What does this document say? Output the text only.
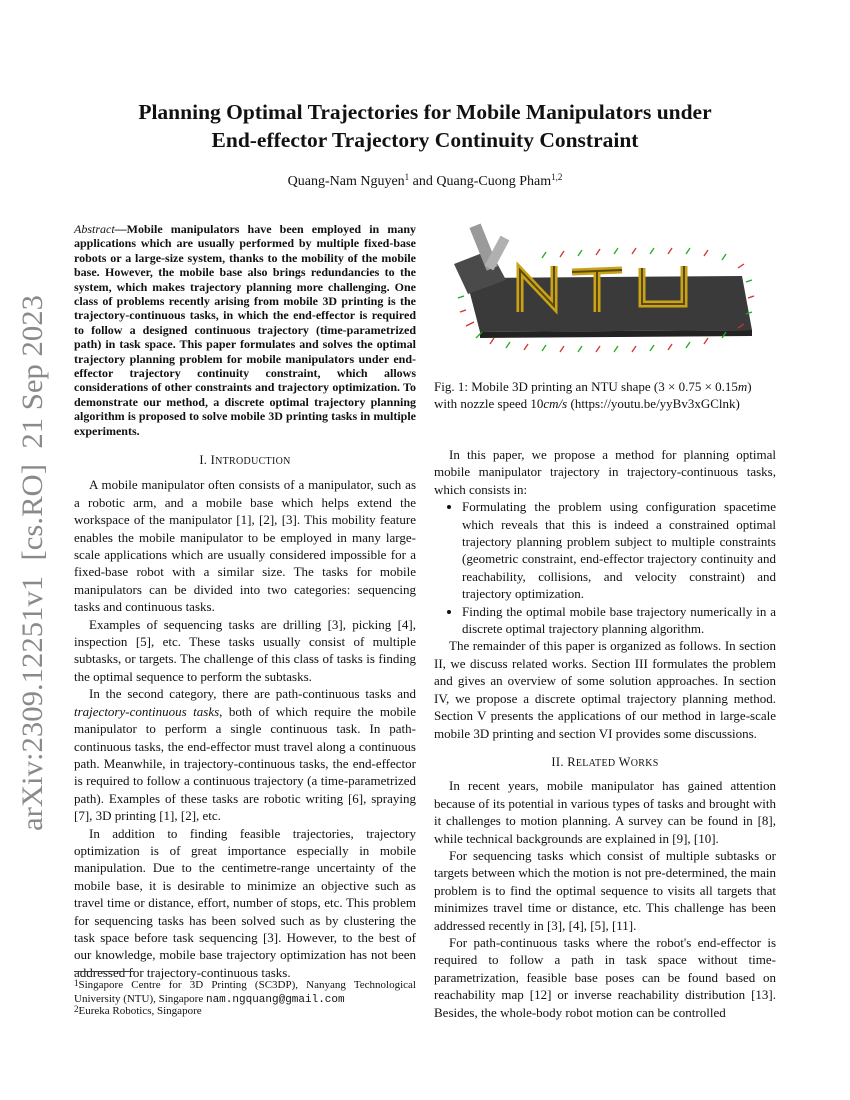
Planning Optimal Trajectories for Mobile Manipulators under
End-effector Trajectory Continuity Constraint
Quang-Nam Nguyen$^1$ and Quang-Cuong Pham$^{1,2}$
arXiv:2309.12251v1  [cs.RO]  21 Sep 2023
Abstract—Mobile manipulators have been employed in many applications which are usually performed by multiple fixed-base robots or a large-size system, thanks to the mobility of the mobile base. However, the mobile base also brings redundancies to the system, which makes trajectory planning more challenging. One class of problems recently arising from mobile 3D printing is the trajectory-continuous tasks, in which the end-effector is required to follow a designed continuous trajectory (time-parametrized path) in task space. This paper formulates and solves the optimal trajectory planning problem for mobile manipulators under end-effector trajectory continuity constraint, which allows considerations of other constraints and trajectory optimization. To demonstrate our method, a discrete optimal trajectory planning algorithm is proposed to solve mobile 3D printing tasks in multiple experiments.
I. INTRODUCTION

A mobile manipulator often consists of a manipulator, such as a robotic arm, and a mobile base which helps extend the workspace of the manipulator [1], [2], [3]. This mobility feature enables the mobile manipulator to be employed in many large-scale applications which are usually considered impossible for a fixed-base robot with a similar size. The tasks for mobile manipulators can be divided into two categories: sequencing tasks and continuous tasks.

Examples of sequencing tasks are drilling [3], picking [4], inspection [5], etc. These tasks usually consist of multiple subtasks, or targets. The challenge of this class of tasks is finding the optimal sequence to perform the subtasks.

In the second category, there are path-continuous tasks and trajectory-continuous tasks, both of which require the mobile manipulator to perform a single continuous task. In path-continuous tasks, the end-effector must travel along a continuous path. Meanwhile, in trajectory-continuous tasks, the end-effector is required to follow a continuous trajectory (a time-parametrized path). Examples of these tasks are robotic writing [6], spraying [7], 3D printing [1], [2], etc.

In addition to finding feasible trajectories, trajectory optimization is of great importance especially in mobile manipulation. Due to the centimetre-range uncertainty of the mobile base, it is desirable to minimize an objective such as travel time or distance, effort, number of stops, etc. This problem for sequencing tasks has been solved such as by clustering the task space before task sequencing [3]. However, to the best of our knowledge, mobile base trajectory optimization has not been addressed for trajectory-continuous tasks.

$^1$Singapore Centre for 3D Printing (SC3DP), Nanyang Technological University (NTU), Singapore nam.ngquang@gmail.com
$^2$Eureka Robotics, Singapore
NTU
Fig. 1: Mobile 3D printing an NTU shape (3 × 0.75 × 0.15m) with nozzle speed 10cm/s (https://youtu.be/yyBv3xGClnk)

In this paper, we propose a method for planning optimal mobile manipulator trajectory in trajectory-continuous tasks, which consists in:

• Formulating the problem using configuration spacetime which reveals that this is indeed a constrained optimal trajectory planning problem subject to multiple constraints (geometric constraint, end-effector trajectory continuity and reachability, collisions, and velocity constraint) and trajectory optimization.
• Finding the optimal mobile base trajectory numerically in a discrete optimal trajectory planning algorithm.

The remainder of this paper is organized as follows. In section II, we discuss related works. Section III formulates the problem and gives an overview of some solution approaches. In section IV, we propose a discrete optimal trajectory planning method. Section V presents the applications of our method in large-scale mobile 3D printing and section VI provides some discussions.

II. RELATED WORKS

In recent years, mobile manipulator has gained attention because of its potential in various types of tasks and brought with it challenges to motion planning. A survey can be found in [8], while technical backgrounds are explained in [9], [10].

For sequencing tasks which consist of multiple subtasks or targets between which the motion is not pre-determined, the main problem is to find the optimal sequence to visits all targets that minimizes travel time or distance, etc. This challenge has been addressed recently in [3], [4], [5], [11].

For path-continuous tasks where the robot's end-effector is required to follow a path in task space without time-parametrization, feasible base poses can be found based on reachability map [12] or inverse reachability distribution [13]. Besides, the whole-body robot motion can be controlled
